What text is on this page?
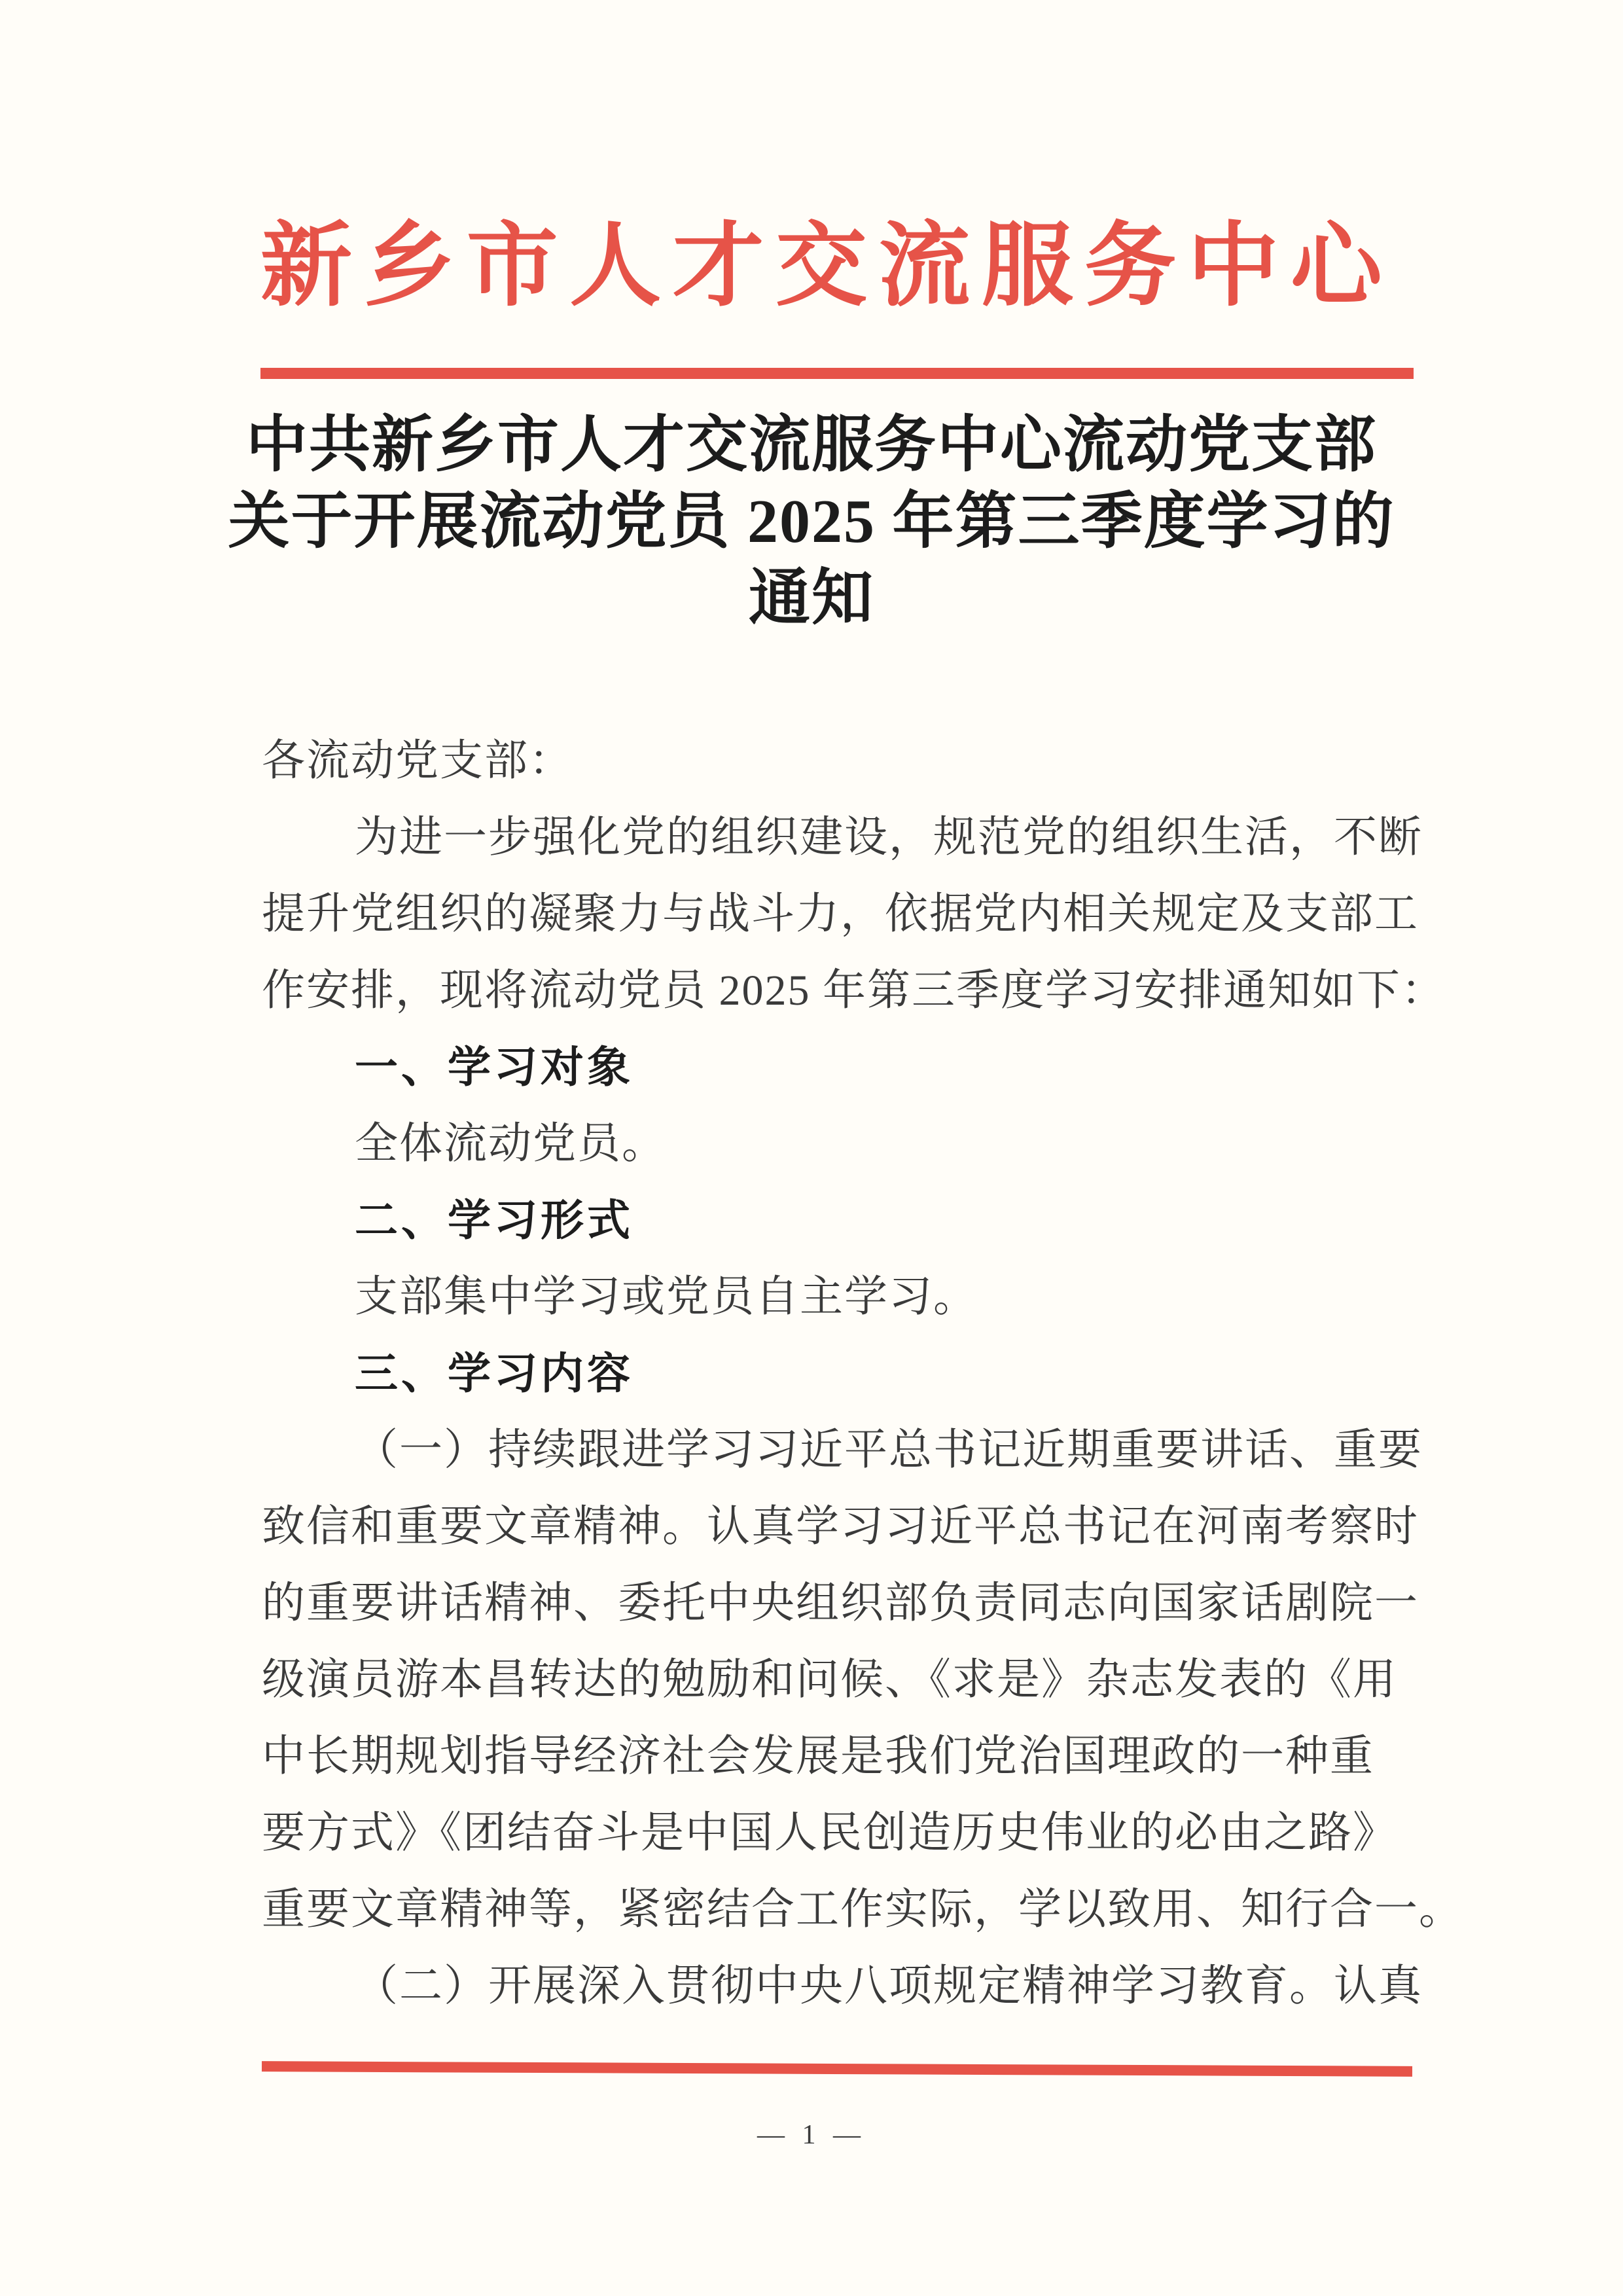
新 乡 市 人 才 交 流 服 务 中 心
中共新乡市人才交流服务中心流动党支部
关于开展流动党员 2025 年第三季度学习的
通知
各流动党支部：
为进一步强化党的组织建设，规范党的组织生活，不断
提升党组织的凝聚力与战斗力，依据党内相关规定及支部工
作安排，现将流动党员 2025 年第三季度学习安排通知如下：
一、学习对象
全体流动党员。
二、学习形式
支部集中学习或党员自主学习。
三、学习内容
（一）持续跟进学习习近平总书记近期重要讲话、重要
致信和重要文章精神。认真学习习近平总书记在河南考察时
的重要讲话精神、委托中央组织部负责同志向国家话剧院一
级演员游本昌转达的勉励和问候、《求是》杂志发表的《用
中长期规划指导经济社会发展是我们党治国理政的一种重
要方式》《团结奋斗是中国人民创造历史伟业的必由之路》
重要文章精神等，紧密结合工作实际，学以致用、知行合一。
（二）开展深入贯彻中央八项规定精神学习教育。认真
— 1 —
